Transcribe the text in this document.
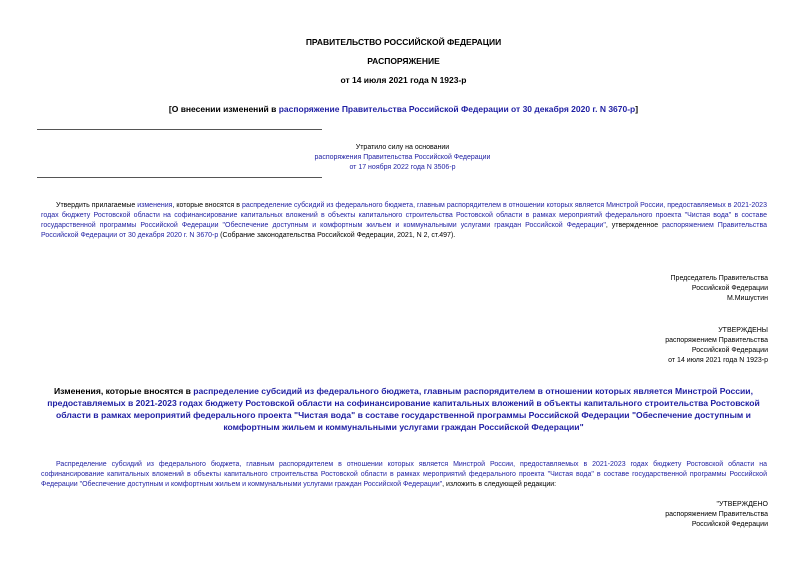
ПРАВИТЕЛЬСТВО РОССИЙСКОЙ ФЕДЕРАЦИИ
РАСПОРЯЖЕНИЕ
от 14 июля 2021 года N 1923-р
[О внесении изменений в распоряжение Правительства Российской Федерации от 30 декабря 2020 г. N 3670-р]
Утратило силу на основании
распоряжения Правительства Российской Федерации
от 17 ноября 2022 года N 3506-р
Утвердить прилагаемые изменения, которые вносятся в распределение субсидий из федерального бюджета, главным распорядителем в отношении которых является Минстрой России, предоставляемых в 2021-2023 годах бюджету Ростовской области на софинансирование капитальных вложений в объекты капитального строительства Ростовской области в рамках мероприятий федерального проекта "Чистая вода" в составе государственной программы Российской Федерации "Обеспечение доступным и комфортным жильем и коммунальными услугами граждан Российской Федерации", утвержденное распоряжением Правительства Российской Федерации от 30 декабря 2020 г. N 3670-р (Собрание законодательства Российской Федерации, 2021, N 2, ст.497).
Председатель Правительства
Российской Федерации
М.Мишустин
УТВЕРЖДЕНЫ
распоряжением Правительства
Российской Федерации
от 14 июля 2021 года N 1923-р
Изменения, которые вносятся в распределение субсидий из федерального бюджета, главным распорядителем в отношении которых является Минстрой России, предоставляемых в 2021-2023 годах бюджету Ростовской области на софинансирование капитальных вложений в объекты капитального строительства Ростовской области в рамках мероприятий федерального проекта "Чистая вода" в составе государственной программы Российской Федерации "Обеспечение доступным и комфортным жильем и коммунальными услугами граждан Российской Федерации"
Распределение субсидий из федерального бюджета, главным распорядителем в отношении которых является Минстрой России, предоставляемых в 2021-2023 годах бюджету Ростовской области на софинансирование капитальных вложений в объекты капитального строительства Ростовской области в рамках мероприятий федерального проекта "Чистая вода" в составе государственной программы Российской Федерации "Обеспечение доступным и комфортным жильем и коммунальными услугами граждан Российской Федерации", изложить в следующей редакции:
"УТВЕРЖДЕНО
распоряжением Правительства
Российской Федерации
